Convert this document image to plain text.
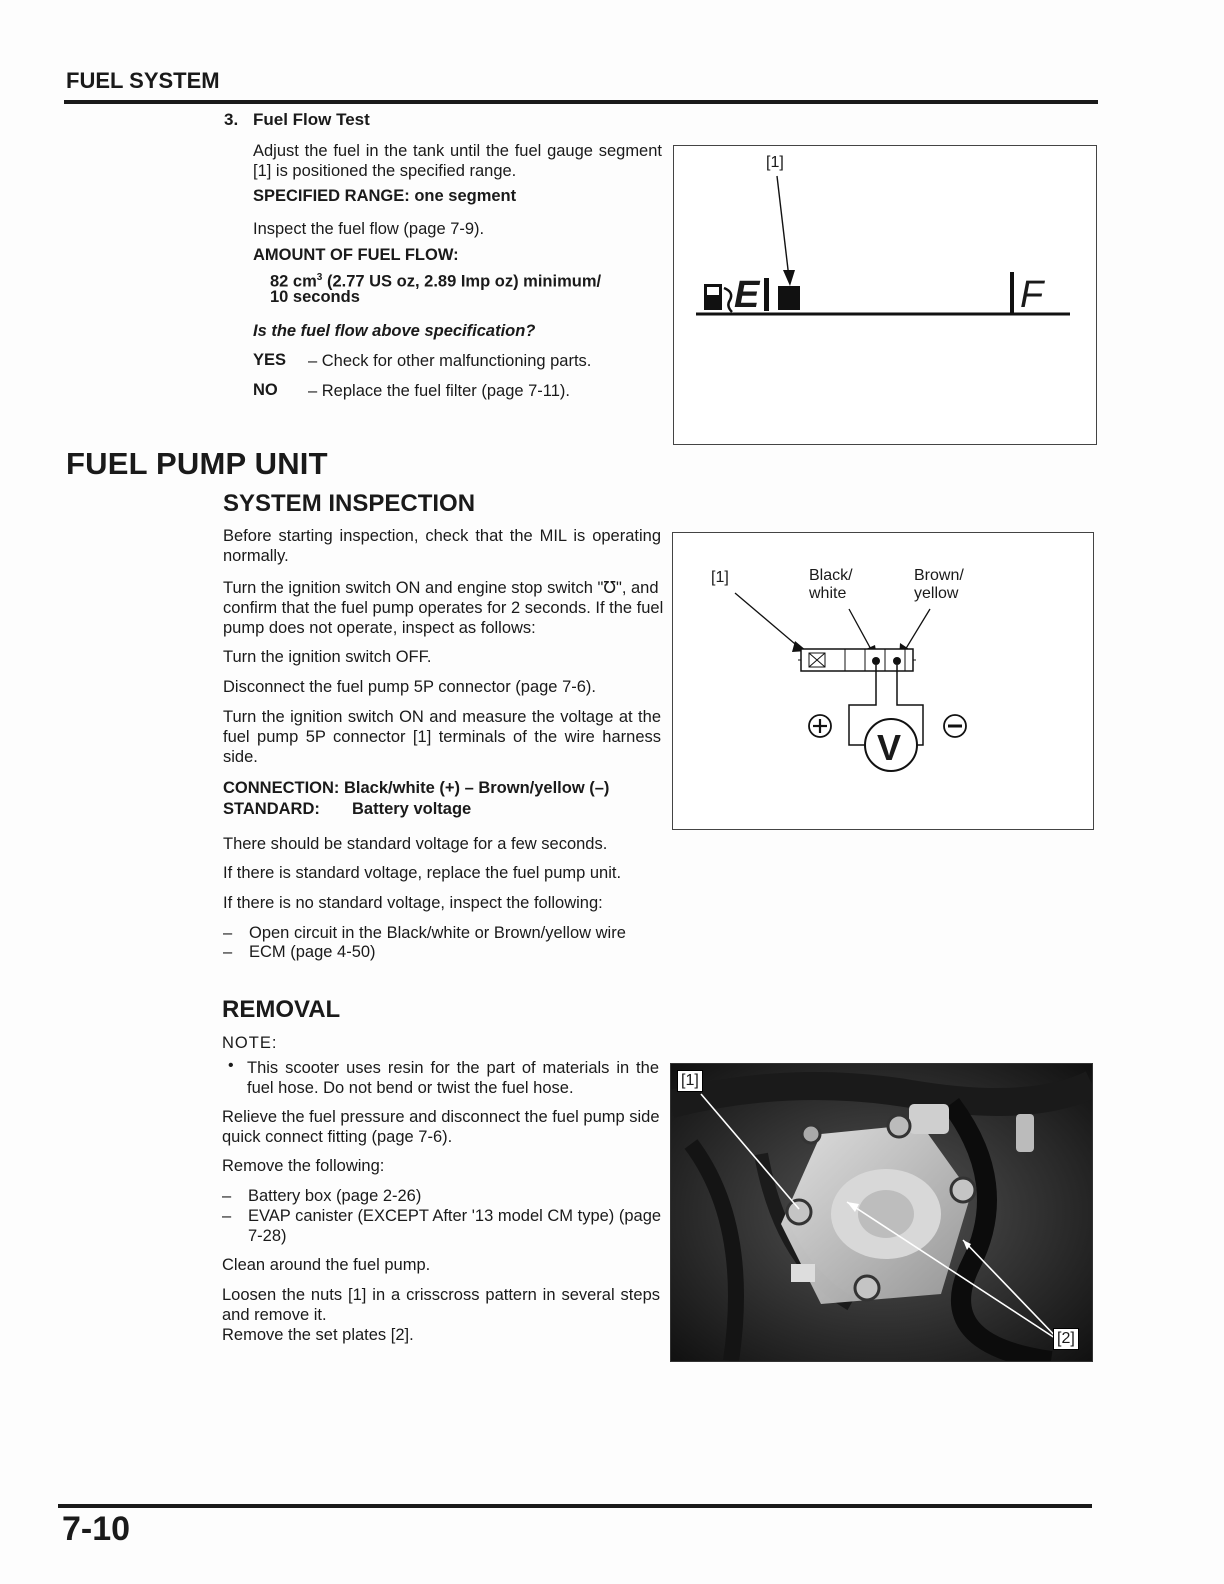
FUEL SYSTEM
3. Fuel Flow Test

Adjust the fuel in the tank until the fuel gauge segment [1] is positioned the specified range.

SPECIFIED RANGE: one segment
Inspect the fuel flow (page 7-9).
AMOUNT OF FUEL FLOW:
82 $cm^3$ (2.77 US oz, 2.89 Imp oz) minimum/
10 seconds
Is the fuel flow above specification?
YES – Check for other malfunctioning parts.
NO – Replace the fuel filter (page 7-11).
[1]
E	F
FUEL PUMP UNIT
SYSTEM INSPECTION

Before starting inspection, check that the MIL is operating normally.

Turn the ignition switch ON and engine stop switch "℧", and confirm that the fuel pump operates for 2 seconds. If the fuel pump does not operate, inspect as follows:

Turn the ignition switch OFF.
Disconnect the fuel pump 5P connector (page 7-6).

Turn the ignition switch ON and measure the voltage at the fuel pump 5P connector [1] terminals of the wire harness side.

CONNECTION: Black/white (+) – Brown/yellow (–)
STANDARD: Battery voltage
There should be standard voltage for a few seconds.
If there is standard voltage, replace the fuel pump unit.
If there is no standard voltage, inspect the following:
– Open circuit in the Black/white or Brown/yellow wire
– ECM (page 4-50)
[1]	Black/
white
Brown/
yellow
V
REMOVAL
NOTE:
• This scooter uses resin for the part of materials in the fuel hose. Do not bend or twist the fuel hose.

Relieve the fuel pressure and disconnect the fuel pump side quick connect fitting (page 7-6).

Remove the following:
– Battery box (page 2-26)
–	EVAP canister (EXCEPT After '13 model CM type) (page 7-28)
Clean around the fuel pump.

Loosen the nuts [1] in a crisscross pattern in several steps and remove it.

Remove the set plates [2].
[1]
[2]
7-10
